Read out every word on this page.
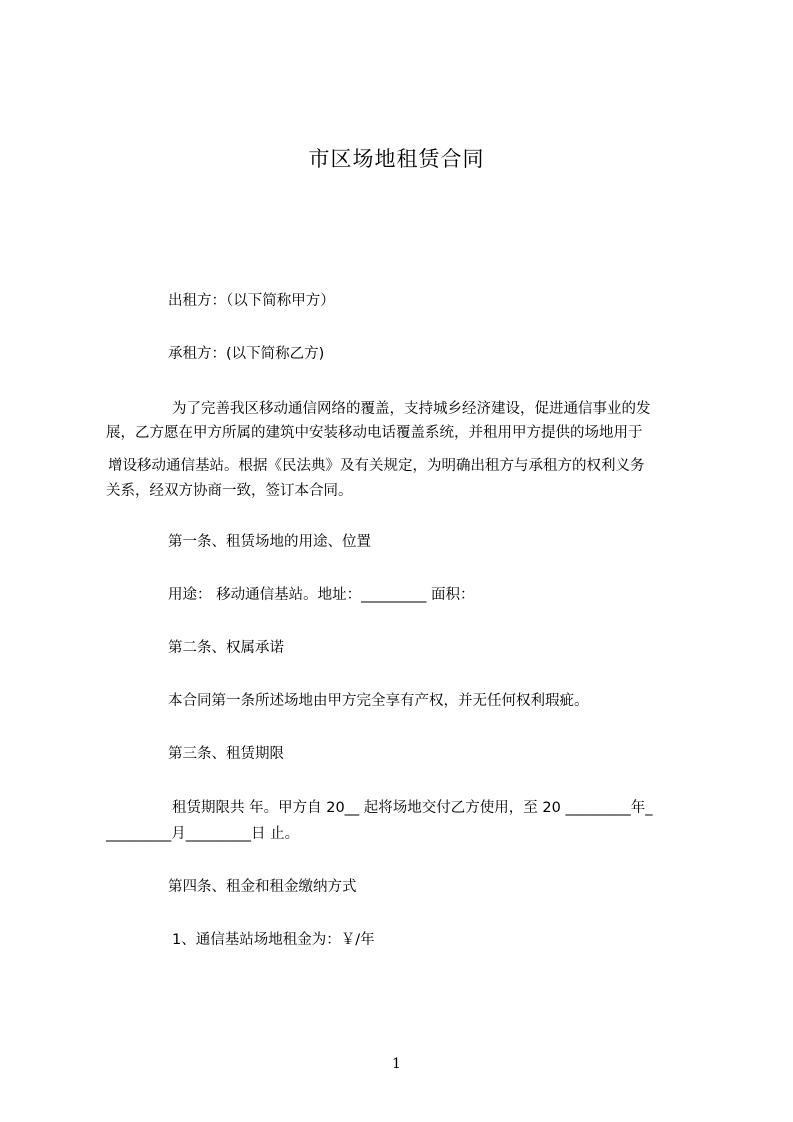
市区场地租赁合同
出租方：（以下简称甲方）
承租方：(以下简称乙方)
为了完善我区移动通信网络的覆盖，支持城乡经济建设，促进通信事业的发
展，乙方愿在甲方所属的建筑中安装移动电话覆盖系统，并租用甲方提供的场地用于
增设移动通信基站。根据《民法典》及有关规定，为明确出租方与承租方的权利义务
关系，经双方协商一致，签订本合同。
第一条、租赁场地的用途、位置
用途： 移动通信基站。地址：_________ 面积：
第二条、权属承诺
本合同第一条所述场地由甲方完全享有产权，并无任何权利瑕疵。
第三条、租赁期限
租赁期限共 年。甲方自 20__ 起将场地交付乙方使用，至 20 _________年_
_________月_________日 止。
第四条、租金和租金缴纳方式
1、通信基站场地租金为：￥/年
1
